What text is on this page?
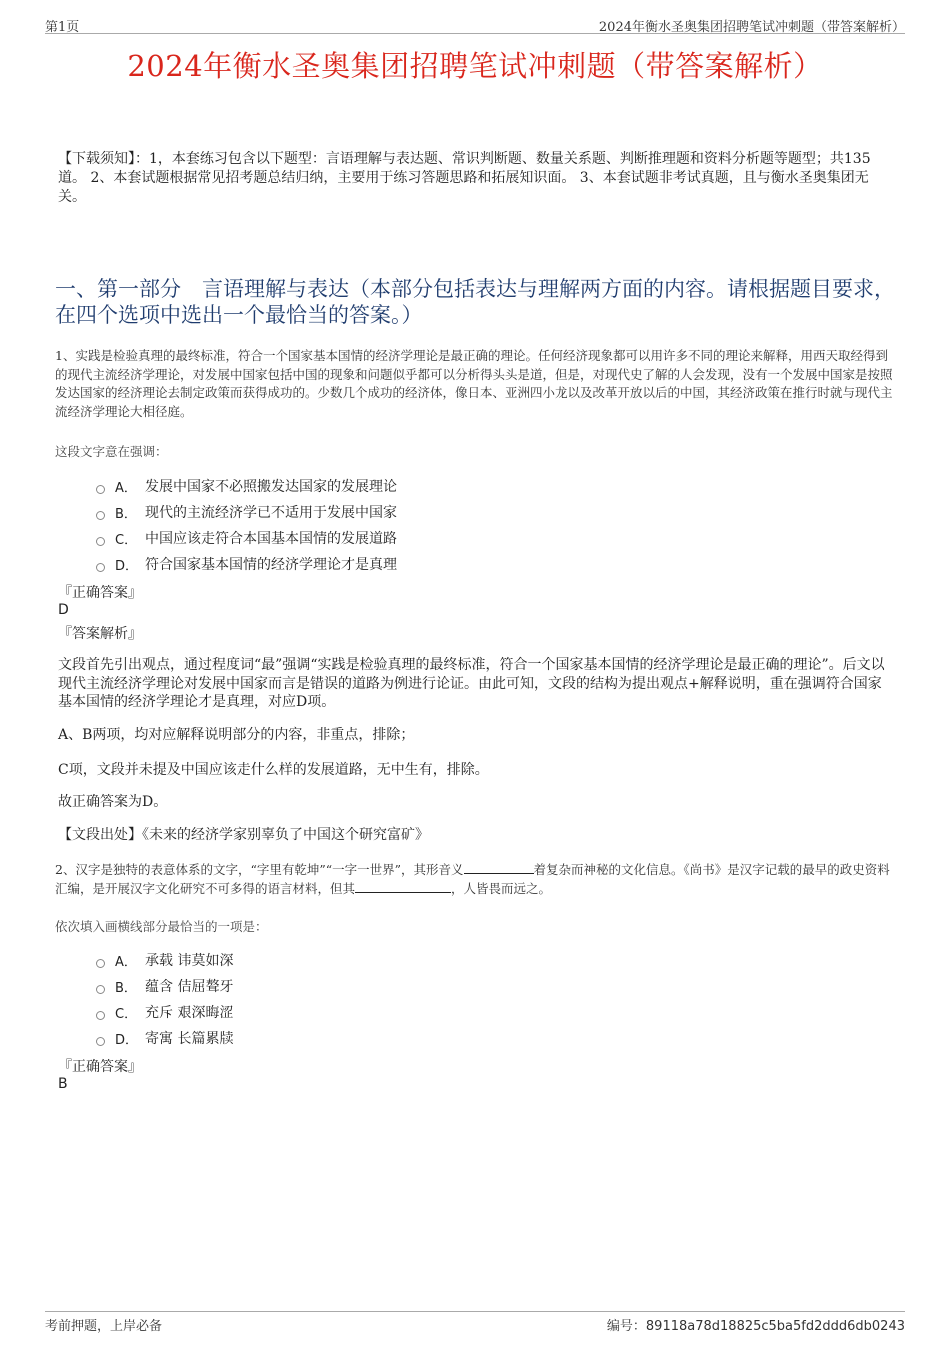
第1页	2024年衡水圣奥集团招聘笔试冲刺题（带答案解析）
2024年衡水圣奥集团招聘笔试冲刺题（带答案解析）
【下载须知】：1，本套练习包含以下题型：言语理解与表达题、常识判断题、数量关系题、判断推理题和资料分析题等题型；共135道。 2、本套试题根据常见招考题总结归纳，主要用于练习答题思路和拓展知识面。 3、本套试题非考试真题，且与衡水圣奥集团无关。
一、第一部分　言语理解与表达（本部分包括表达与理解两方面的内容。请根据题目要求，在四个选项中选出一个最恰当的答案。）
1、实践是检验真理的最终标准，符合一个国家基本国情的经济学理论是最正确的理论。任何经济现象都可以用许多不同的理论来解释，用西天取经得到的现代主流经济学理论，对发展中国家包括中国的现象和问题似乎都可以分析得头头是道，但是，对现代史了解的人会发现，没有一个发展中国家是按照发达国家的经济理论去制定政策而获得成功的。少数几个成功的经济体，像日本、亚洲四小龙以及改革开放以后的中国，其经济政策在推行时就与现代主流经济学理论大相径庭。
这段文字意在强调：
A． 发展中国家不必照搬发达国家的发展理论
B． 现代的主流经济学已不适用于发展中国家
C． 中国应该走符合本国基本国情的发展道路
D． 符合国家基本国情的经济学理论才是真理
『正确答案』
D
『答案解析』
文段首先引出观点，通过程度词“最”强调“实践是检验真理的最终标准，符合一个国家基本国情的经济学理论是最正确的理论”。后文以现代主流经济学理论对发展中国家而言是错误的道路为例进行论证。由此可知，文段的结构为提出观点+解释说明，重在强调符合国家基本国情的经济学理论才是真理，对应D项。
A、B两项，均对应解释说明部分的内容，非重点，排除；
C项，文段并未提及中国应该走什么样的发展道路，无中生有，排除。
故正确答案为D。
【文段出处】《未来的经济学家别辜负了中国这个研究富矿》
2、汉字是独特的表意体系的文字，“字里有乾坤”“一字一世界”，其形音义	着复杂而神秘的文化信息。《尚书》是汉字记载的最早的政史资料汇编，是开展汉字文化研究不可多得的语言材料，但其	，人皆畏而远之。
依次填入画横线部分最恰当的一项是：
A． 承载 讳莫如深
B． 蕴含 佶屈聱牙
C． 充斥 艰深晦涩
D． 寄寓 长篇累牍
『正确答案』
B
考前押题，上岸必备	编号：89118a78d18825c5ba5fd2ddd6db0243
